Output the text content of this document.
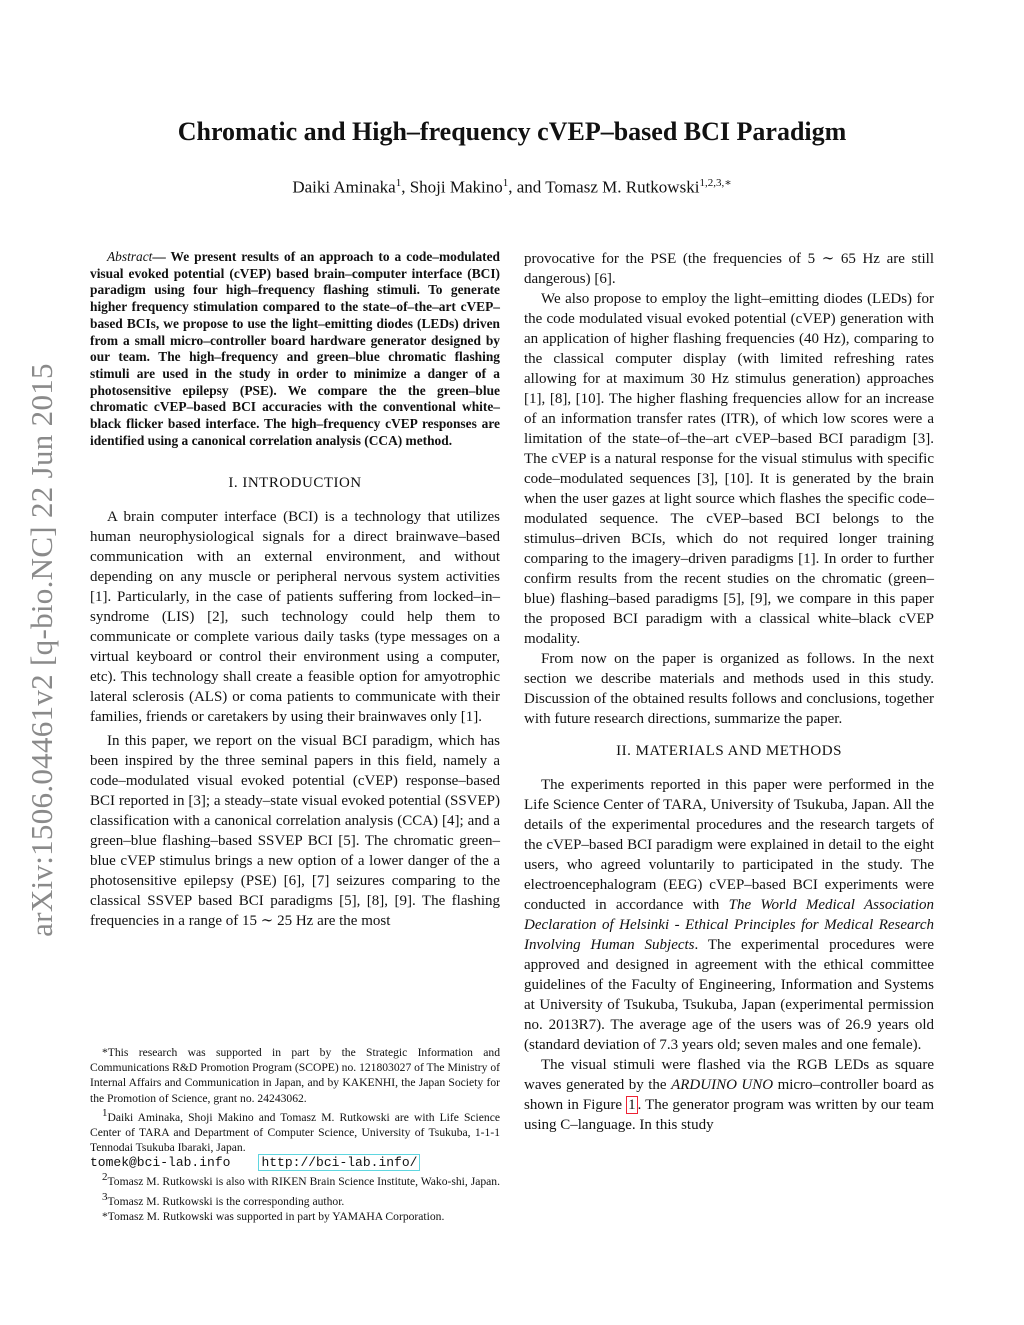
arXiv:1506.04461v2 [q-bio.NC] 22 Jun 2015
Chromatic and High–frequency cVEP–based BCI Paradigm
Daiki Aminaka$^1$, Shoji Makino$^1$, and Tomasz M. Rutkowski$^{1,2,3,∗}$

Abstract— We present results of an approach to a code–modulated visual evoked potential (cVEP) based brain–computer interface (BCI) paradigm using four high–frequency flashing stimuli. To generate higher frequency stimulation compared to the state–of–the–art cVEP–based BCIs, we propose to use the light–emitting diodes (LEDs) driven from a small micro–controller board hardware generator designed by our team. The high–frequency and green–blue chromatic flashing stimuli are used in the study in order to minimize a danger of a photosensitive epilepsy (PSE). We compare the the green–blue chromatic cVEP–based BCI accuracies with the conventional white–black flicker based interface. The high–frequency cVEP responses are identified using a canonical correlation analysis (CCA) method.

I. INTRODUCTION

A brain computer interface (BCI) is a technology that utilizes human neurophysiological signals for a direct brainwave–based communication with an external environment, and without depending on any muscle or peripheral nervous system activities [1]. Particularly, in the case of patients suffering from locked–in–syndrome (LIS) [2], such technology could help them to communicate or complete various daily tasks (type messages on a virtual keyboard or control their environment using a computer, etc). This technology shall create a feasible option for amyotrophic lateral sclerosis (ALS) or coma patients to communicate with their families, friends or caretakers by using their brainwaves only [1].

In this paper, we report on the visual BCI paradigm, which has been inspired by the three seminal papers in this field, namely a code–modulated visual evoked potential (cVEP) response–based BCI reported in [3]; a steady–state visual evoked potential (SSVEP) classification with a canonical correlation analysis (CCA) [4]; and a green–blue flashing–based SSVEP BCI [5]. The chromatic green–blue cVEP stimulus brings a new option of a lower danger of the a photosensitive epilepsy (PSE) [6], [7] seizures comparing to the classical SSVEP based BCI paradigms [5], [8], [9]. The flashing frequencies in a range of 15 ∼ 25 Hz are the most

*This research was supported in part by the Strategic Information and Communications R&D Promotion Program (SCOPE) no. 121803027 of The Ministry of Internal Affairs and Communication in Japan, and by KAKENHI, the Japan Society for the Promotion of Science, grant no. 24243062.

$^1$Daiki Aminaka, Shoji Makino and Tomasz M. Rutkowski are with Life Science Center of TARA and Department of Computer Science, University of Tsukuba, 1-1-1 Tennodai Tsukuba Ibaraki, Japan.
tomek@bci-lab.info http://bci-lab.info/

$^2$Tomasz M. Rutkowski is also with RIKEN Brain Science Institute, Wako-shi, Japan.

$^3$Tomasz M. Rutkowski is the corresponding author.

*Tomasz M. Rutkowski was supported in part by YAMAHA Corporation.

provocative for the PSE (the frequencies of 5 ∼ 65 Hz are still dangerous) [6].

We also propose to employ the light–emitting diodes (LEDs) for the code modulated visual evoked potential (cVEP) generation with an application of higher flashing frequencies (40 Hz), comparing to the classical computer display (with limited refreshing rates allowing for at maximum 30 Hz stimulus generation) approaches [1], [8], [10]. The higher flashing frequencies allow for an increase of an information transfer rates (ITR), of which low scores were a limitation of the state–of–the–art cVEP–based BCI paradigm [3]. The cVEP is a natural response for the visual stimulus with specific code–modulated sequences [3], [10]. It is generated by the brain when the user gazes at light source which flashes the specific code–modulated sequence. The cVEP–based BCI belongs to the stimulus–driven BCIs, which do not required longer training comparing to the imagery–driven paradigms [1]. In order to further confirm results from the recent studies on the chromatic (green–blue) flashing–based paradigms [5], [9], we compare in this paper the proposed BCI paradigm with a classical white–black cVEP modality.

From now on the paper is organized as follows. In the next section we describe materials and methods used in this study. Discussion of the obtained results follows and conclusions, together with future research directions, summarize the paper.

II. MATERIALS AND METHODS

The experiments reported in this paper were performed in the Life Science Center of TARA, University of Tsukuba, Japan. All the details of the experimental procedures and the research targets of the cVEP–based BCI paradigm were explained in detail to the eight users, who agreed voluntarily to participated in the study. The electroencephalogram (EEG) cVEP–based BCI experiments were conducted in accordance with The World Medical Association Declaration of Helsinki - Ethical Principles for Medical Research Involving Human Subjects. The experimental procedures were approved and designed in agreement with the ethical committee guidelines of the Faculty of Engineering, Information and Systems at University of Tsukuba, Tsukuba, Japan (experimental permission no. 2013R7). The average age of the users was of 26.9 years old (standard deviation of 7.3 years old; seven males and one female).

The visual stimuli were flashed via the RGB LEDs as square waves generated by the ARDUINO UNO micro–controller board as shown in Figure 1 . The generator program was written by our team using C–language. In this study
